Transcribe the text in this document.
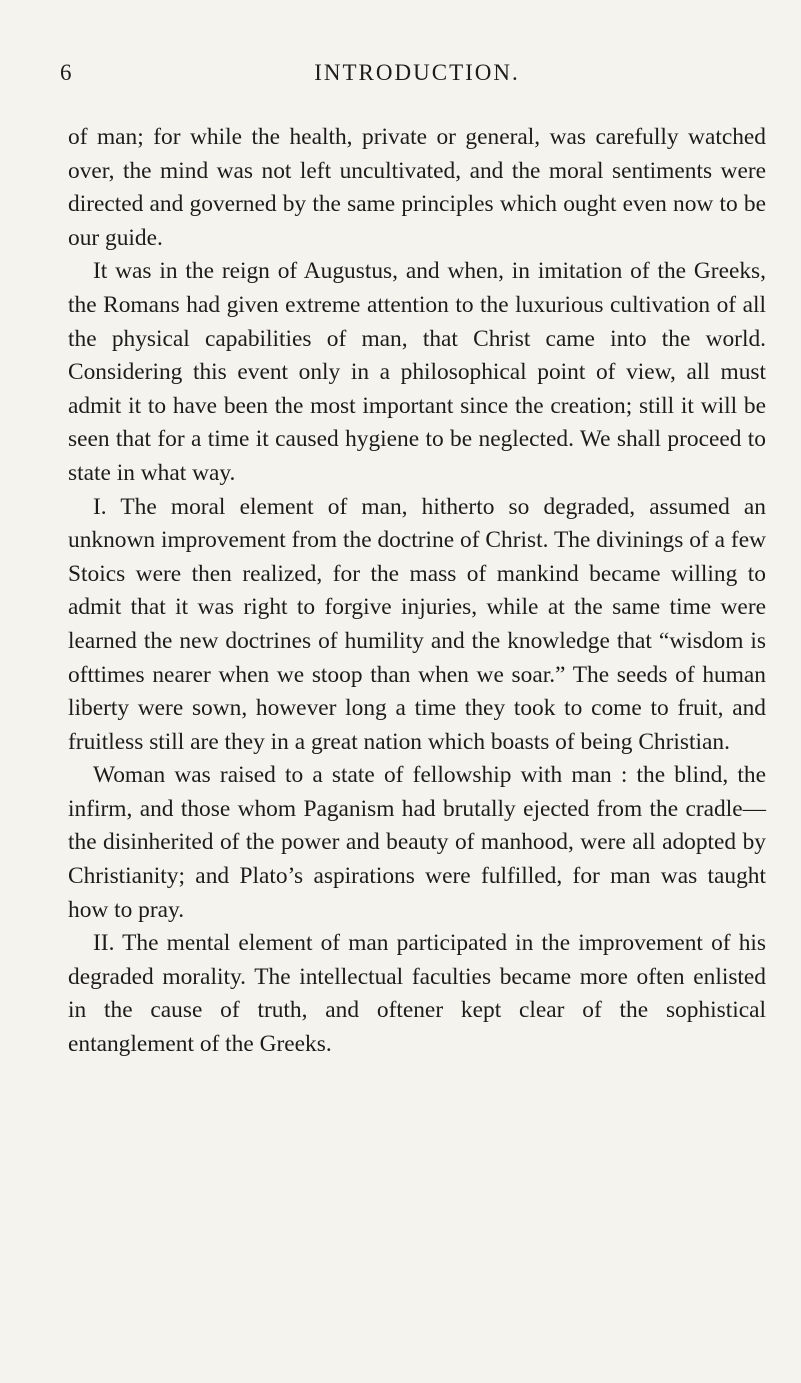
6	INTRODUCTION.

of man; for while the health, private or general, was carefully watched over, the mind was not left uncultivated, and the moral sentiments were directed and governed by the same principles which ought even now to be our guide.

It was in the reign of Augustus, and when, in imitation of the Greeks, the Romans had given extreme attention to the luxurious cultivation of all the physical capabilities of man, that Christ came into the world. Considering this event only in a philosophical point of view, all must admit it to have been the most important since the creation; still it will be seen that for a time it caused hygiene to be neglected. We shall proceed to state in what way.

I. The moral element of man, hitherto so degraded, assumed an unknown improvement from the doctrine of Christ. The divinings of a few Stoics were then realized, for the mass of mankind became willing to admit that it was right to forgive injuries, while at the same time were learned the new doctrines of humility and the knowledge that “wisdom is ofttimes nearer when we stoop than when we soar.” The seeds of human liberty were sown, however long a time they took to come to fruit, and fruitless still are they in a great nation which boasts of being Christian.

Woman was raised to a state of fellowship with man : the blind, the infirm, and those whom Paganism had brutally ejected from the cradle—the disinherited of the power and beauty of manhood, were all adopted by Christianity; and Plato’s aspirations were fulfilled, for man was taught how to pray.

II. The mental element of man participated in the improvement of his degraded morality. The intellectual faculties became more often enlisted in the cause of truth, and oftener kept clear of the sophistical entanglement of the Greeks.
